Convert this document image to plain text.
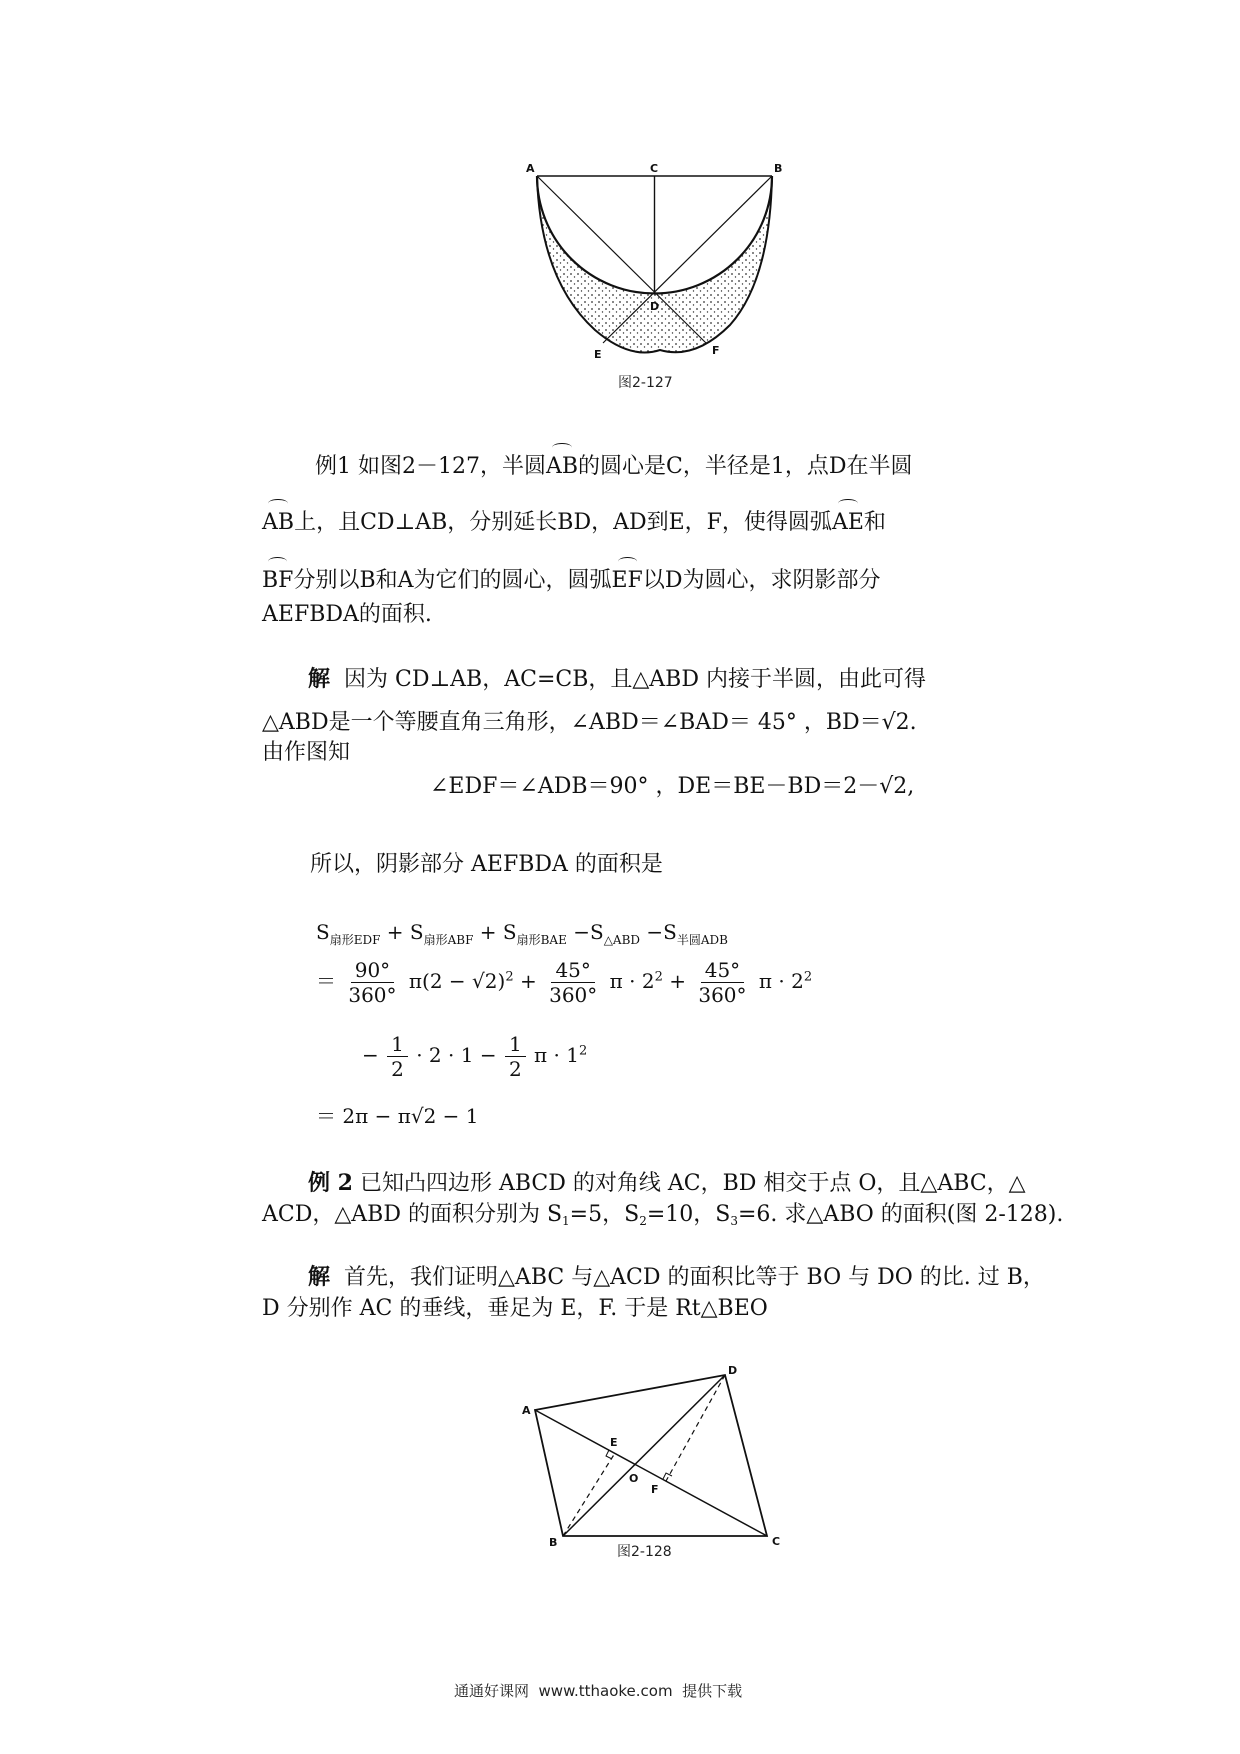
A	C	B
D
E	F
图2-127
例1 如图2－127，半圆AB的圆心是C，半径是1，点D在半圆
AB上，且CD⊥AB，分别延长BD，AD到E，F，使得圆弧AE和
BF分别以B和A为它们的圆心，圆弧EF以D为圆心，求阴影部分
AEFBDA的面积.
解 因为 CD⊥AB，AC=CB，且△ABD 内接于半圆，由此可得
△ABD是一个等腰直角三角形，∠ABD＝∠BAD＝ 45° ，BD＝√2.
由作图知
∠EDF＝∠ADB＝90° ，DE＝BE－BD＝2－√2,
所以，阴影部分 AEFBDA 的面积是
$S_{扇形EDF} + S_{扇形ABF} + S_{扇形BAE} -S_{\triangle ABD} -S_{半圆ADB}$
＝ $\frac{90^\circ}{360^\circ} \pi(2 - √2)^2 + \frac{45^\circ}{360^\circ}$ $\pi \cdot 2^2 + \frac{45^\circ}{360^\circ}$ $\pi \cdot 2^2$
− $\frac{1}{2} \cdot 2 \cdot 1 - \frac{1}{2}$ $\pi \cdot 1^2$
＝ 2π − π√2 − 1
例 2 已知凸四边形 ABCD 的对角线 AC，BD 相交于点 O，且△ABC，△
ACD，△ABD 的面积分别为 S1=5，S2=10，S3=6. 求△ABO 的面积(图 2-128).
解 首先，我们证明△ABC 与△ACD 的面积比等于 BO 与 DO 的比. 过 B，
D 分别作 AC 的垂线，垂足为 E，F. 于是 Rt△BEO
A
D
B	C
E
O
F
图2-128
通通好课网  www.tthaoke.com  提供下载
